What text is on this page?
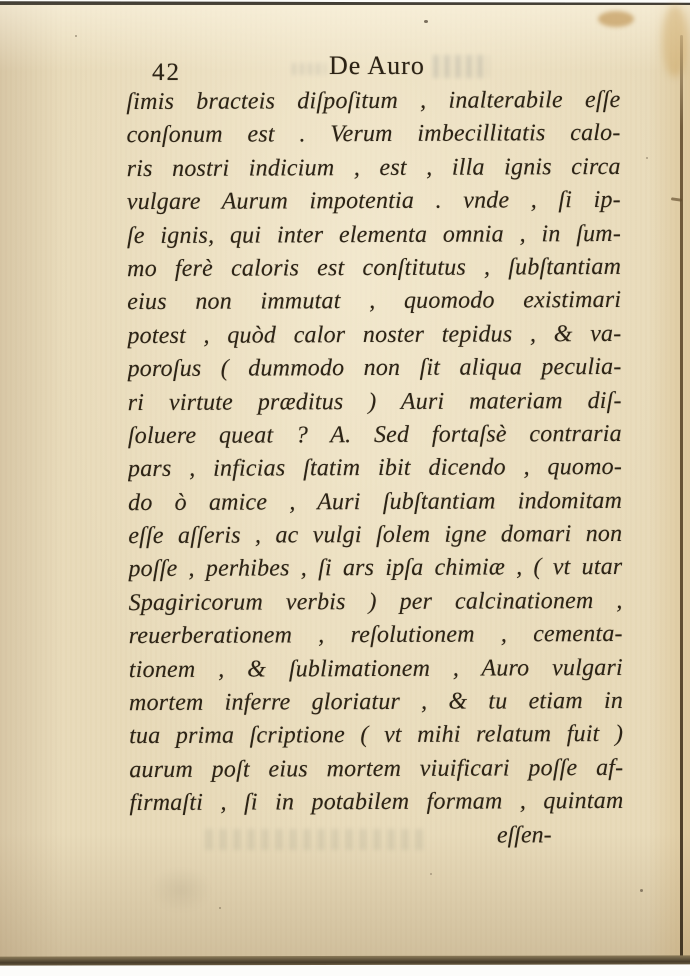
42	De Auro
ſimis bracteis diſpoſitum , inalterabile eſſe
conſonum est . Verum imbecillitatis calo-
ris nostri indicium , est , illa ignis circa
vulgare Aurum impotentia . vnde , ſi ip-
ſe ignis, qui inter elementa omnia , in ſum-
mo ferè caloris est conſtitutus , ſubſtantiam
eius non immutat , quomodo existimari
potest , quòd calor noster tepidus , & va-
poroſus ( dummodo non ſit aliqua peculia-
ri virtute præditus ) Auri materiam diſ-
ſoluere queat ? A. Sed fortaſsè contraria
pars , inficias ſtatim ibit dicendo , quomo-
do ò amice , Auri ſubſtantiam indomitam
eſſe aſſeris , ac vulgi ſolem igne domari non
poſſe , perhibes , ſi ars ipſa chimiæ , ( vt utar
Spagiricorum verbis ) per calcinationem ,
reuerberationem , reſolutionem , cementa-
tionem , & ſublimationem , Auro vulgari
mortem inferre gloriatur , & tu etiam in
tua prima ſcriptione ( vt mihi relatum fuit )
aurum poſt eius mortem viuificari poſſe af-
firmaſti , ſi in potabilem formam , quintam
eſſen-
